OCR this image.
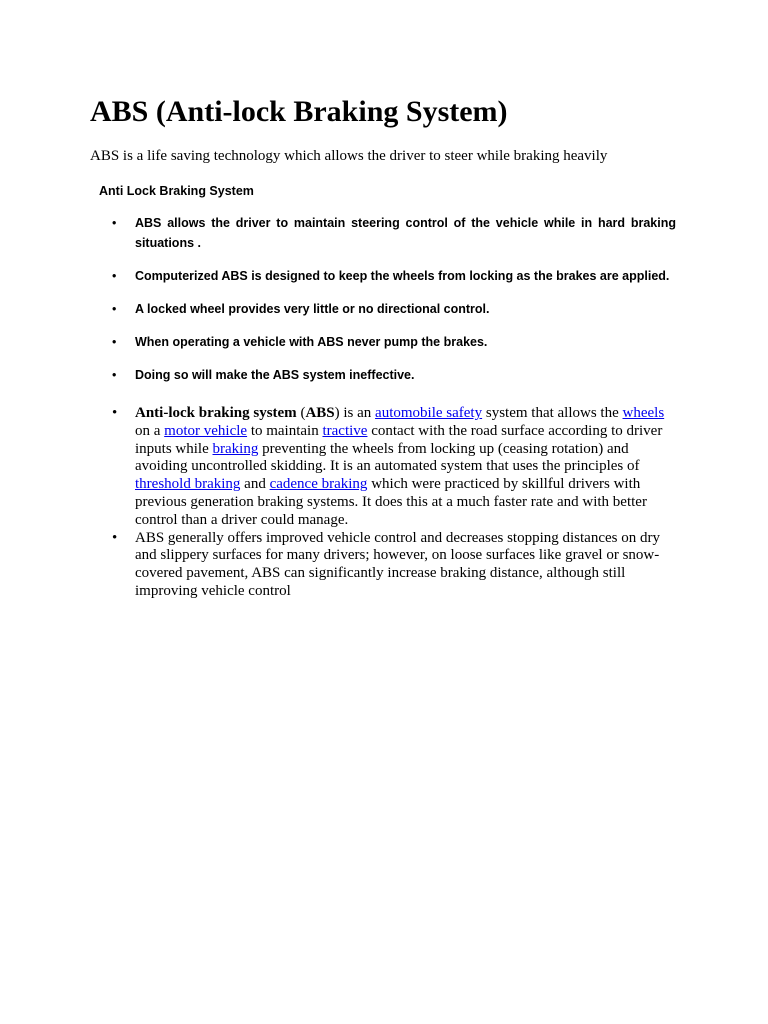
ABS (Anti-lock Braking System)

ABS is a life saving technology which allows the driver to steer while braking heavily

Anti Lock Braking System
• ABS allows the driver to maintain steering control of the vehicle while in hard braking situations .
• Computerized ABS is designed to keep the wheels from locking as the brakes are applied.
• A locked wheel provides very little or no directional control.
• When operating a vehicle with ABS never pump the brakes.
• Doing so will make the ABS system ineffective.
• Anti-lock braking system (ABS) is an automobile safety system that allows the wheels on a motor vehicle to maintain tractive contact with the road surface according to driver inputs while braking preventing the wheels from locking up (ceasing rotation) and avoiding uncontrolled skidding. It is an automated system that uses the principles of threshold braking and cadence braking which were practiced by skillful drivers with previous generation braking systems. It does this at a much faster rate and with better control than a driver could manage.
• ABS generally offers improved vehicle control and decreases stopping distances on dry and slippery surfaces for many drivers; however, on loose surfaces like gravel or snow-covered pavement, ABS can significantly increase braking distance, although still improving vehicle control
